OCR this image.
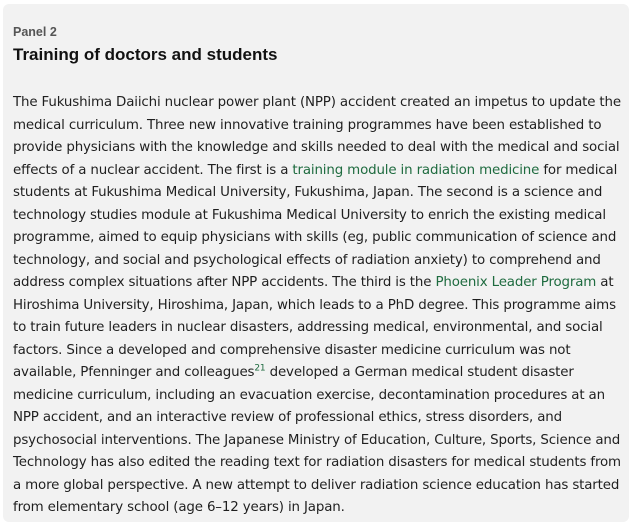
Panel 2

Training of doctors and students

The Fukushima Daiichi nuclear power plant (NPP) accident created an impetus to update the medical curriculum. Three new innovative training programmes have been established to provide physicians with the knowledge and skills needed to deal with the medical and social effects of a nuclear accident. The first is a training module in radiation medicine for medical students at Fukushima Medical University, Fukushima, Japan. The second is a science and technology studies module at Fukushima Medical University to enrich the existing medical programme, aimed to equip physicians with skills (eg, public communication of science and technology, and social and psychological effects of radiation anxiety) to comprehend and address complex situations after NPP accidents. The third is the Phoenix Leader Program at Hiroshima University, Hiroshima, Japan, which leads to a PhD degree. This programme aims to train future leaders in nuclear disasters, addressing medical, environmental, and social factors. Since a developed and comprehensive disaster medicine curriculum was not available, Pfenninger and colleagues$^{21}$ developed a German medical student disaster medicine curriculum, including an evacuation exercise, decontamination procedures at an NPP accident, and an interactive review of professional ethics, stress disorders, and psychosocial interventions. The Japanese Ministry of Education, Culture, Sports, Science and Technology has also edited the reading text for radiation disasters for medical students from a more global perspective. A new attempt to deliver radiation science education has started from elementary school (age 6–12 years) in Japan.
